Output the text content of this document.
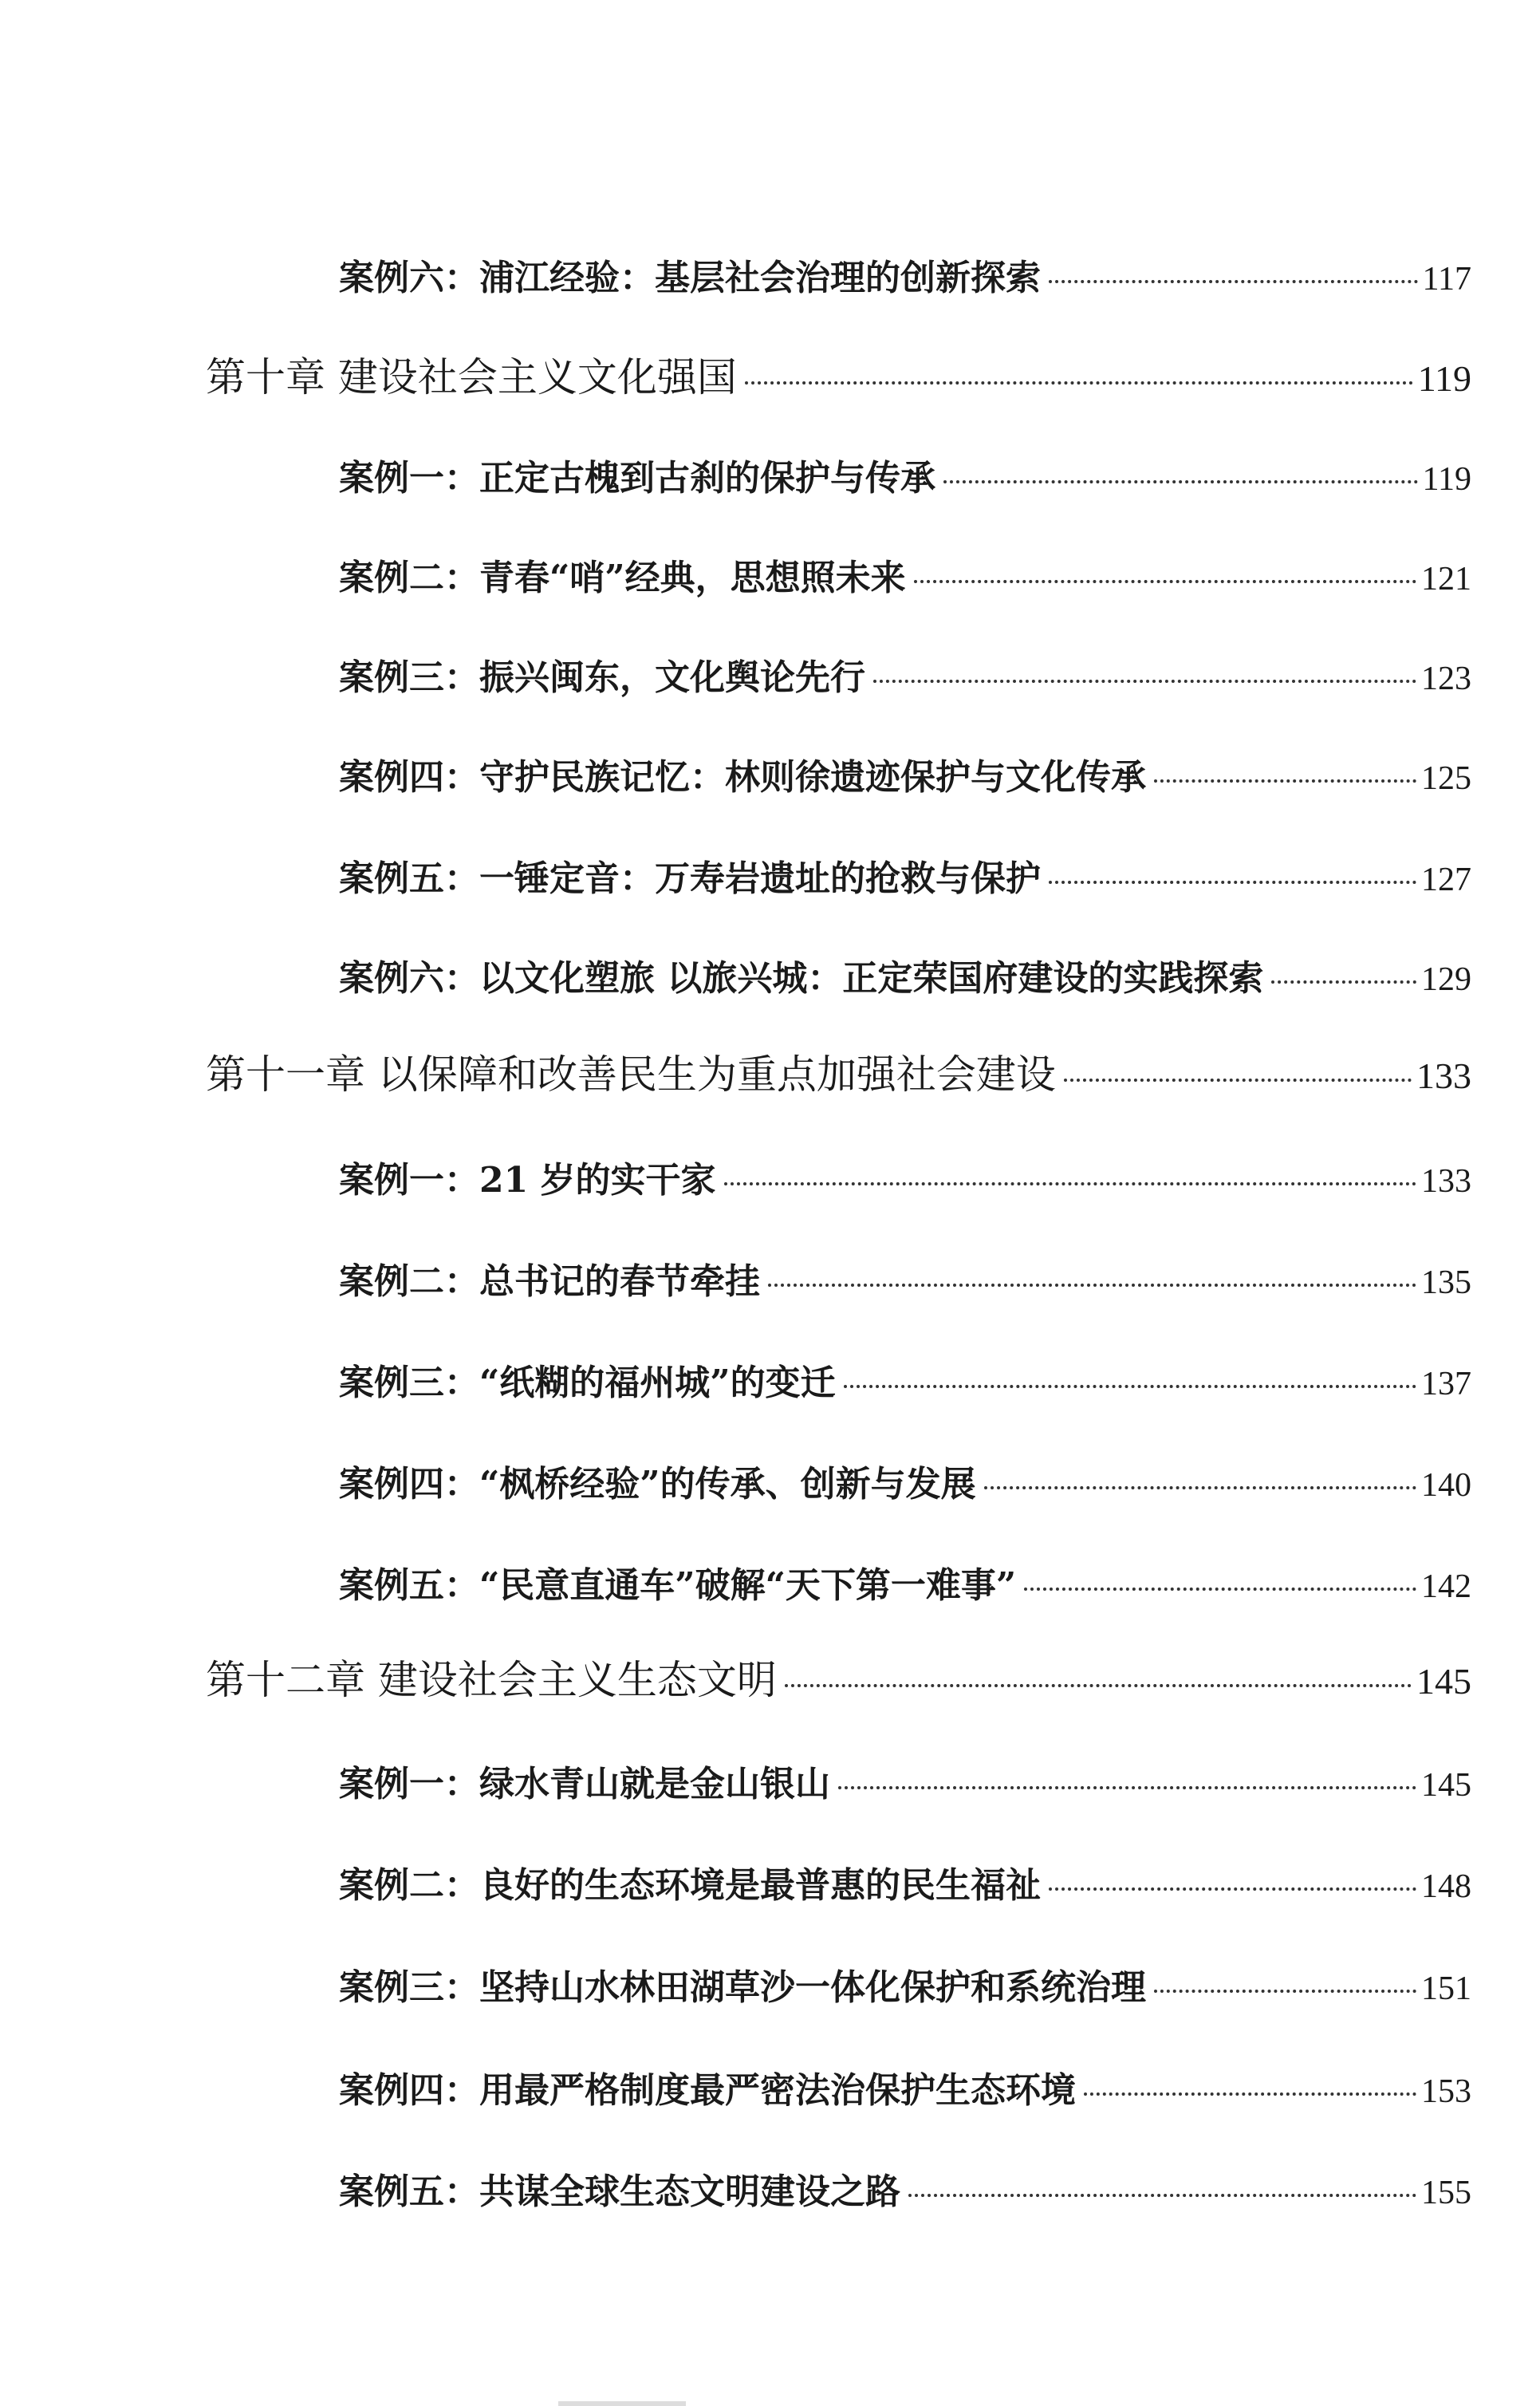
案例六：浦江经验：基层社会治理的创新探索	117
第十章 建设社会主义文化强国	119
案例一：正定古槐到古刹的保护与传承	119
案例二：青春“哨”经典，思想照未来	121
案例三：振兴闽东，文化舆论先行	123
案例四：守护民族记忆：林则徐遗迹保护与文化传承	125
案例五：一锤定音：万寿岩遗址的抢救与保护	127
案例六：以文化塑旅 以旅兴城：正定荣国府建设的实践探索	129
第十一章 以保障和改善民生为重点加强社会建设	133
案例一：21 岁的实干家	133
案例二：总书记的春节牵挂	135
案例三：“纸糊的福州城”的变迁	137
案例四：“枫桥经验”的传承、创新与发展	140
案例五：“民意直通车”破解“天下第一难事”	142
第十二章 建设社会主义生态文明	145
案例一：绿水青山就是金山银山	145
案例二：良好的生态环境是最普惠的民生福祉	148
案例三：坚持山水林田湖草沙一体化保护和系统治理	151
案例四：用最严格制度最严密法治保护生态环境	153
案例五：共谋全球生态文明建设之路	155
